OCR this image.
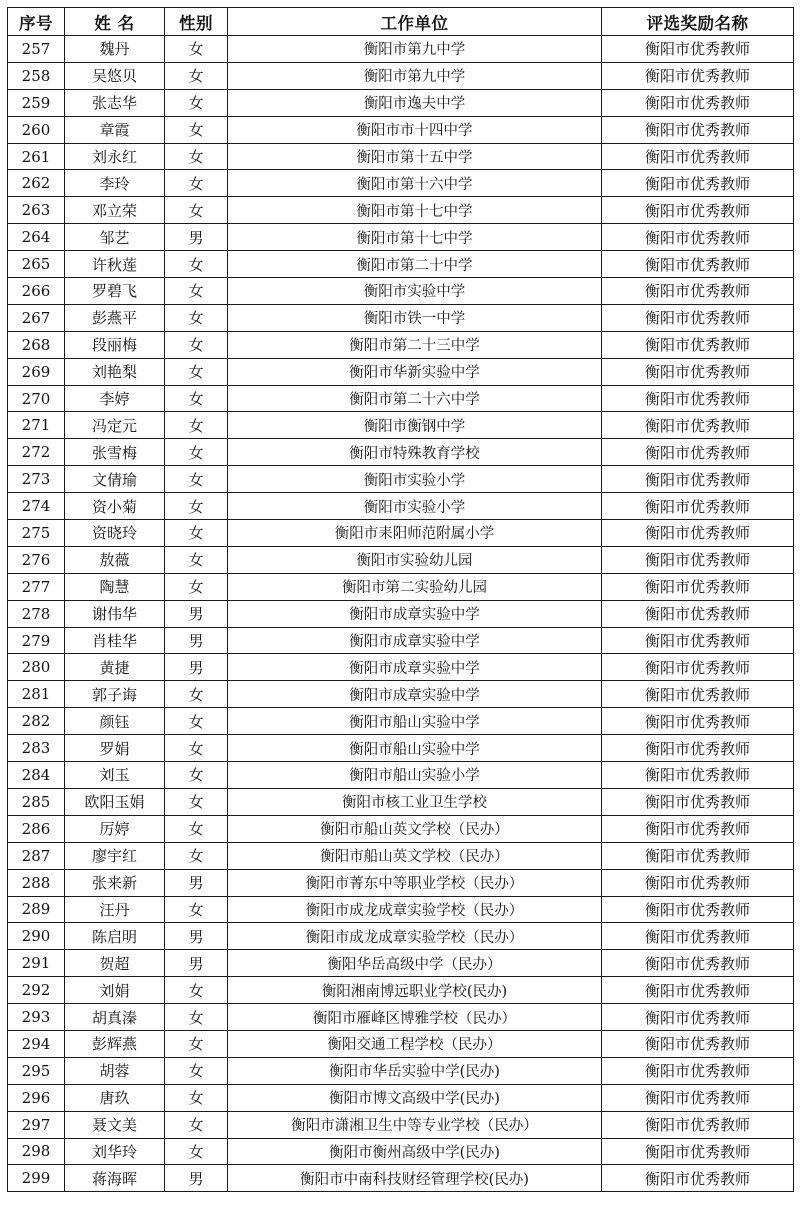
序号	姓 名	性别	工作单位	评选奖励名称
257	魏丹	女	衡阳市第九中学	衡阳市优秀教师
258	吴悠贝	女	衡阳市第九中学	衡阳市优秀教师
259	张志华	女	衡阳市逸夫中学	衡阳市优秀教师
260	章霞	女	衡阳市市十四中学	衡阳市优秀教师
261	刘永红	女	衡阳市第十五中学	衡阳市优秀教师
262	李玲	女	衡阳市第十六中学	衡阳市优秀教师
263	邓立荣	女	衡阳市第十七中学	衡阳市优秀教师
264	邹艺	男	衡阳市第十七中学	衡阳市优秀教师
265	许秋莲	女	衡阳市第二十中学	衡阳市优秀教师
266	罗碧飞	女	衡阳市实验中学	衡阳市优秀教师
267	彭燕平	女	衡阳市铁一中学	衡阳市优秀教师
268	段丽梅	女	衡阳市第二十三中学	衡阳市优秀教师
269	刘艳梨	女	衡阳市华新实验中学	衡阳市优秀教师
270	李婷	女	衡阳市第二十六中学	衡阳市优秀教师
271	冯定元	女	衡阳市衡钢中学	衡阳市优秀教师
272	张雪梅	女	衡阳市特殊教育学校	衡阳市优秀教师
273	文倩瑜	女	衡阳市实验小学	衡阳市优秀教师
274	资小菊	女	衡阳市实验小学	衡阳市优秀教师
275	资晓玲	女	衡阳市耒阳师范附属小学	衡阳市优秀教师
276	敖薇	女	衡阳市实验幼儿园	衡阳市优秀教师
277	陶慧	女	衡阳市第二实验幼儿园	衡阳市优秀教师
278	谢伟华	男	衡阳市成章实验中学	衡阳市优秀教师
279	肖桂华	男	衡阳市成章实验中学	衡阳市优秀教师
280	黄捷	男	衡阳市成章实验中学	衡阳市优秀教师
281	郭子诲	女	衡阳市成章实验中学	衡阳市优秀教师
282	颜钰	女	衡阳市船山实验中学	衡阳市优秀教师
283	罗娟	女	衡阳市船山实验中学	衡阳市优秀教师
284	刘玉	女	衡阳市船山实验小学	衡阳市优秀教师
285	欧阳玉娟	女	衡阳市核工业卫生学校	衡阳市优秀教师
286	厉婷	女	衡阳市船山英文学校（民办）	衡阳市优秀教师
287	廖宇红	女	衡阳市船山英文学校（民办）	衡阳市优秀教师
288	张来新	男	衡阳市菁东中等职业学校（民办）	衡阳市优秀教师
289	汪丹	女	衡阳市成龙成章实验学校（民办）	衡阳市优秀教师
290	陈启明	男	衡阳市成龙成章实验学校（民办）	衡阳市优秀教师
291	贺超	男	衡阳华岳高级中学（民办）	衡阳市优秀教师
292	刘娟	女	衡阳湘南博远职业学校(民办)	衡阳市优秀教师
293	胡真溱	女	衡阳市雁峰区博雅学校（民办）	衡阳市优秀教师
294	彭辉燕	女	衡阳交通工程学校（民办）	衡阳市优秀教师
295	胡蓉	女	衡阳市华岳实验中学(民办)	衡阳市优秀教师
296	唐玖	女	衡阳市博文高级中学(民办)	衡阳市优秀教师
297	聂文美	女	衡阳市潇湘卫生中等专业学校（民办）	衡阳市优秀教师
298	刘华玲	女	衡阳市衡州高级中学(民办)	衡阳市优秀教师
299	蒋海晖	男	衡阳市中南科技财经管理学校(民办)	衡阳市优秀教师
